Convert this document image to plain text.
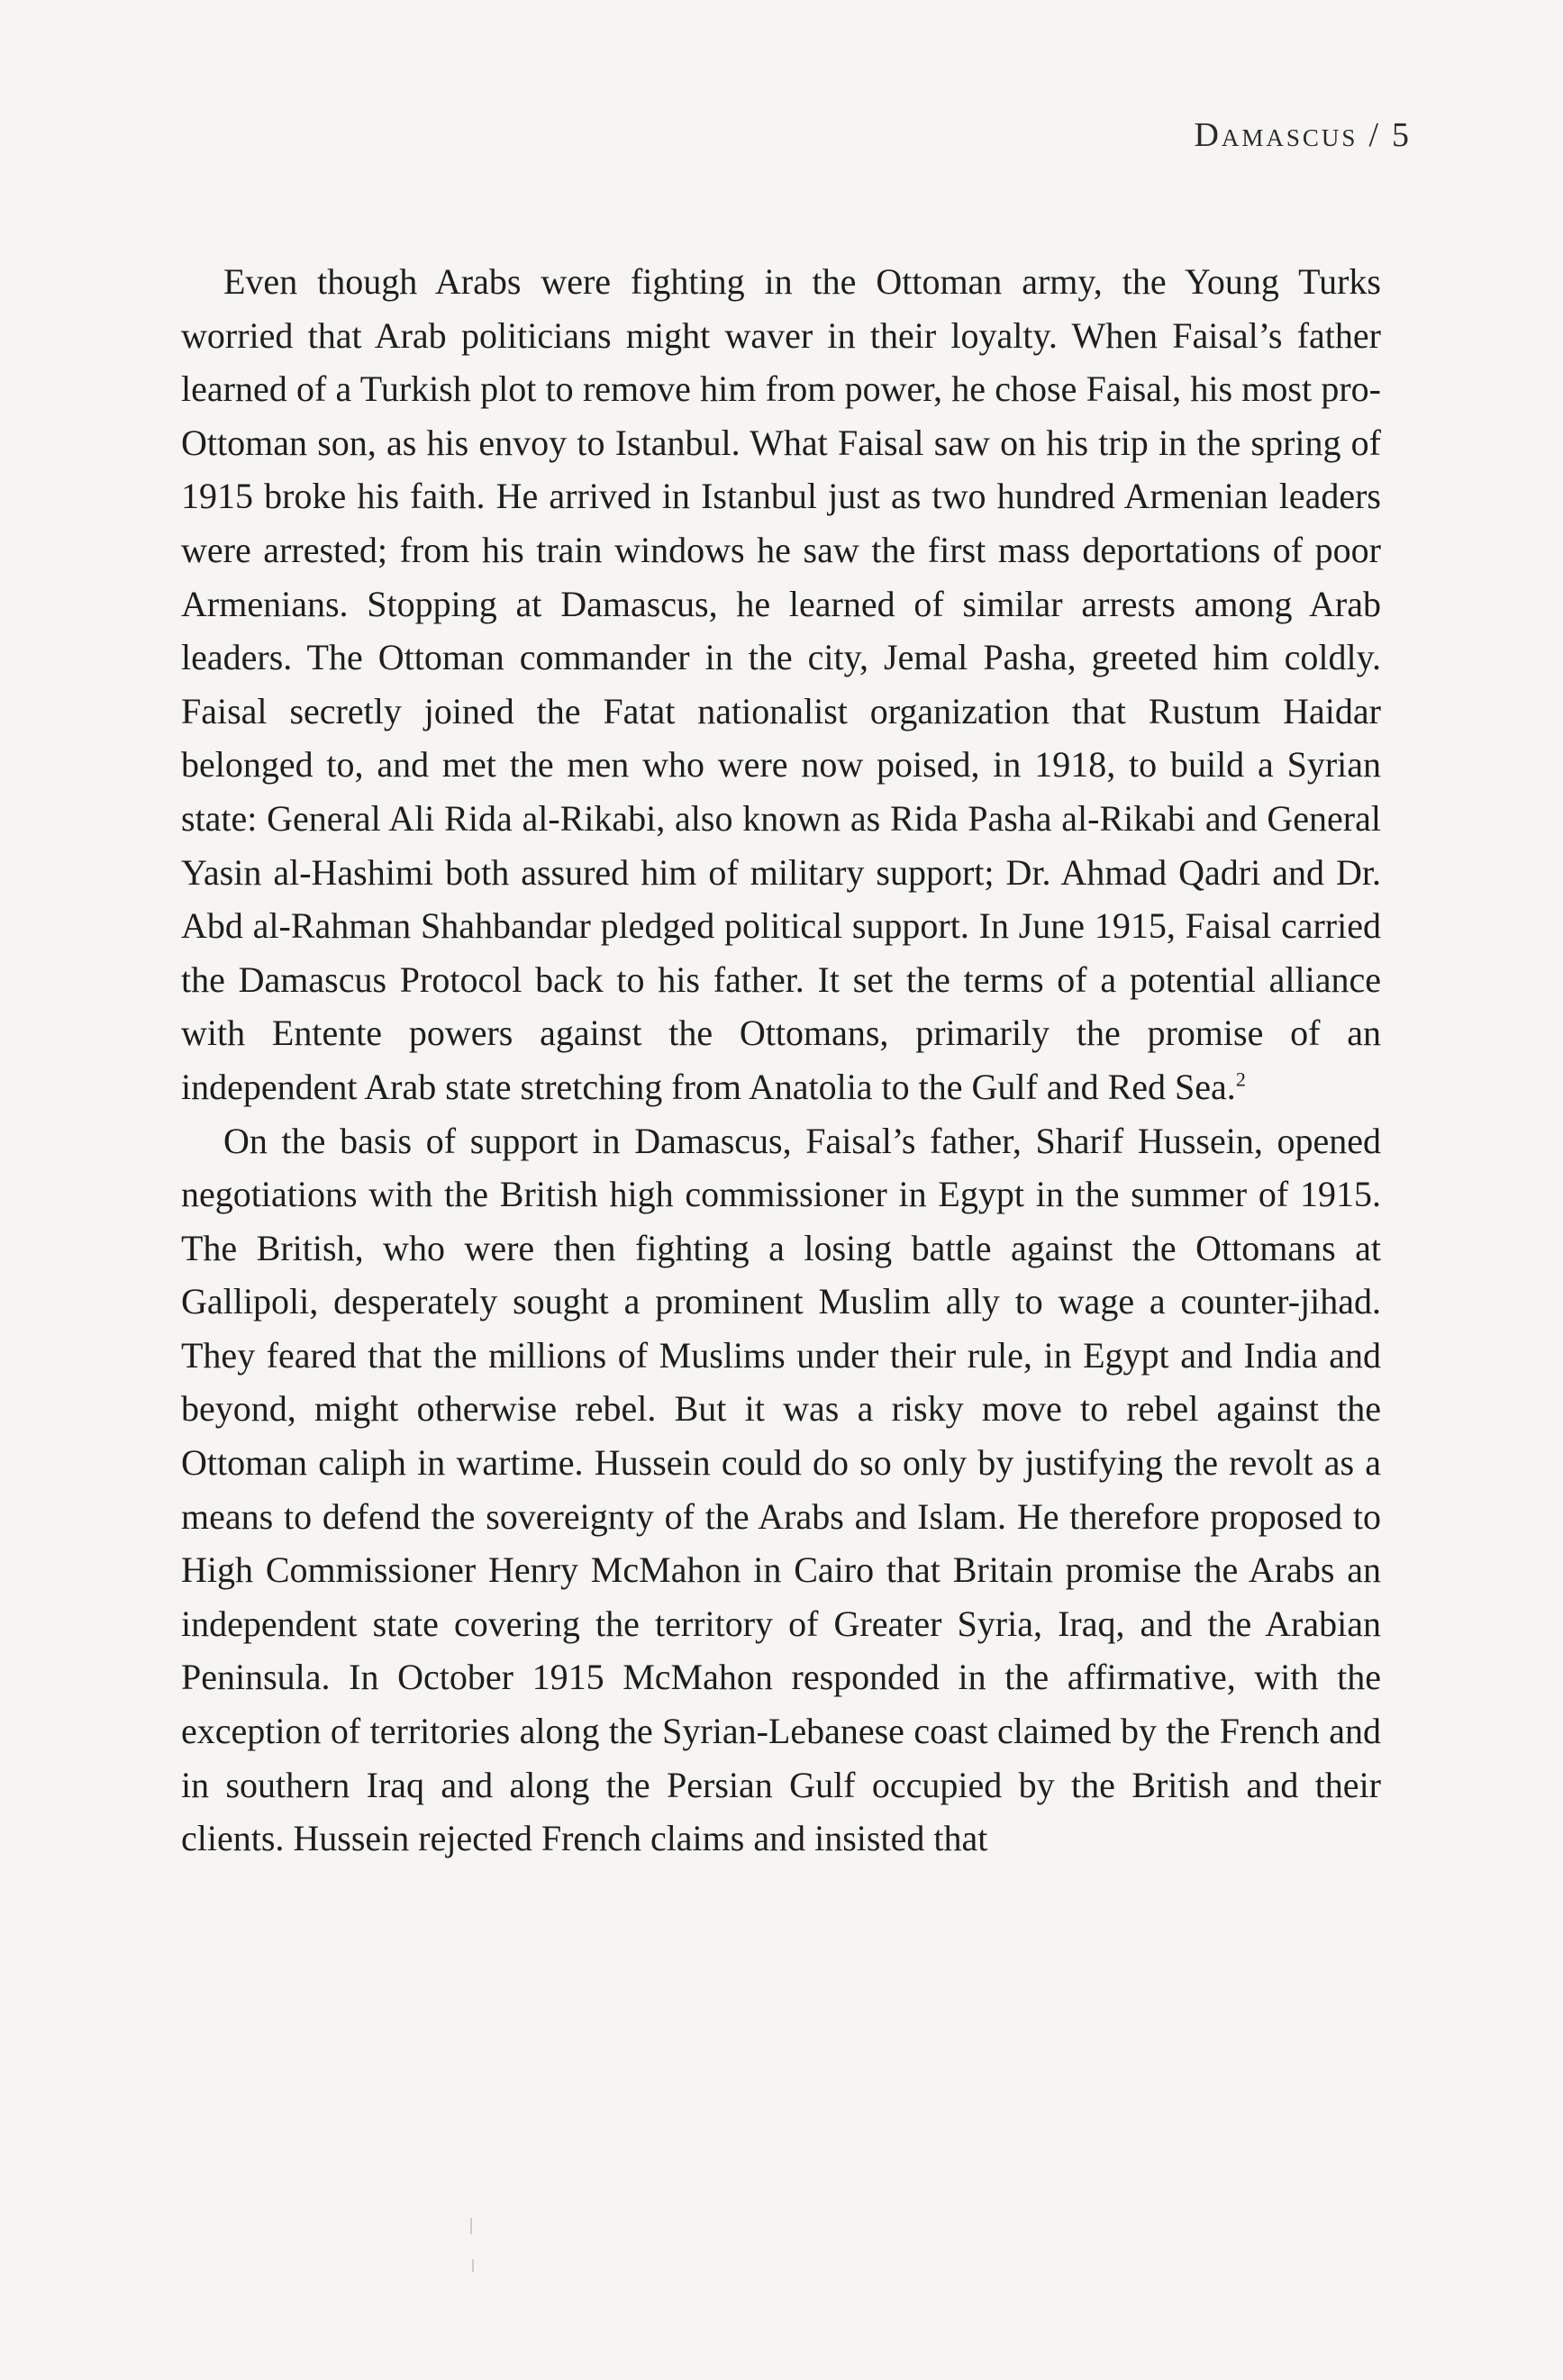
Damascus / 5

Even though Arabs were fighting in the Ottoman army, the Young Turks worried that Arab politicians might waver in their loyalty. When Faisal’s father learned of a Turkish plot to remove him from power, he chose Faisal, his most pro-Ottoman son, as his envoy to Istanbul. What Faisal saw on his trip in the spring of 1915 broke his faith. He arrived in Istanbul just as two hundred Armenian leaders were arrested; from his train windows he saw the first mass deportations of poor Armenians. Stopping at Damascus, he learned of similar arrests among Arab leaders. The Ottoman commander in the city, Jemal Pasha, greeted him coldly. Faisal secretly joined the Fatat nationalist organization that Rustum Haidar belonged to, and met the men who were now poised, in 1918, to build a Syrian state: General Ali Rida al-Rikabi, also known as Rida Pasha al-Rikabi and General Yasin al-Hashimi both assured him of military support; Dr. Ahmad Qadri and Dr. Abd al-Rahman Shahbandar pledged political support. In June 1915, Faisal carried the Damascus Protocol back to his father. It set the terms of a potential alliance with Entente powers against the Ottomans, primarily the promise of an independent Arab state stretching from Anatolia to the Gulf and Red Sea.$^2$

On the basis of support in Damascus, Faisal’s father, Sharif Hussein, opened negotiations with the British high commissioner in Egypt in the summer of 1915. The British, who were then fighting a losing battle against the Ottomans at Gallipoli, desperately sought a prominent Muslim ally to wage a counter-jihad. They feared that the millions of Muslims under their rule, in Egypt and India and beyond, might otherwise rebel. But it was a risky move to rebel against the Ottoman caliph in wartime. Hussein could do so only by justifying the revolt as a means to defend the sovereignty of the Arabs and Islam. He therefore proposed to High Commissioner Henry McMahon in Cairo that Britain promise the Arabs an independent state covering the territory of Greater Syria, Iraq, and the Arabian Peninsula. In October 1915 McMahon responded in the affirmative, with the exception of territories along the Syrian-Lebanese coast claimed by the French and in southern Iraq and along the Persian Gulf occupied by the British and their clients. Hussein rejected French claims and insisted that
